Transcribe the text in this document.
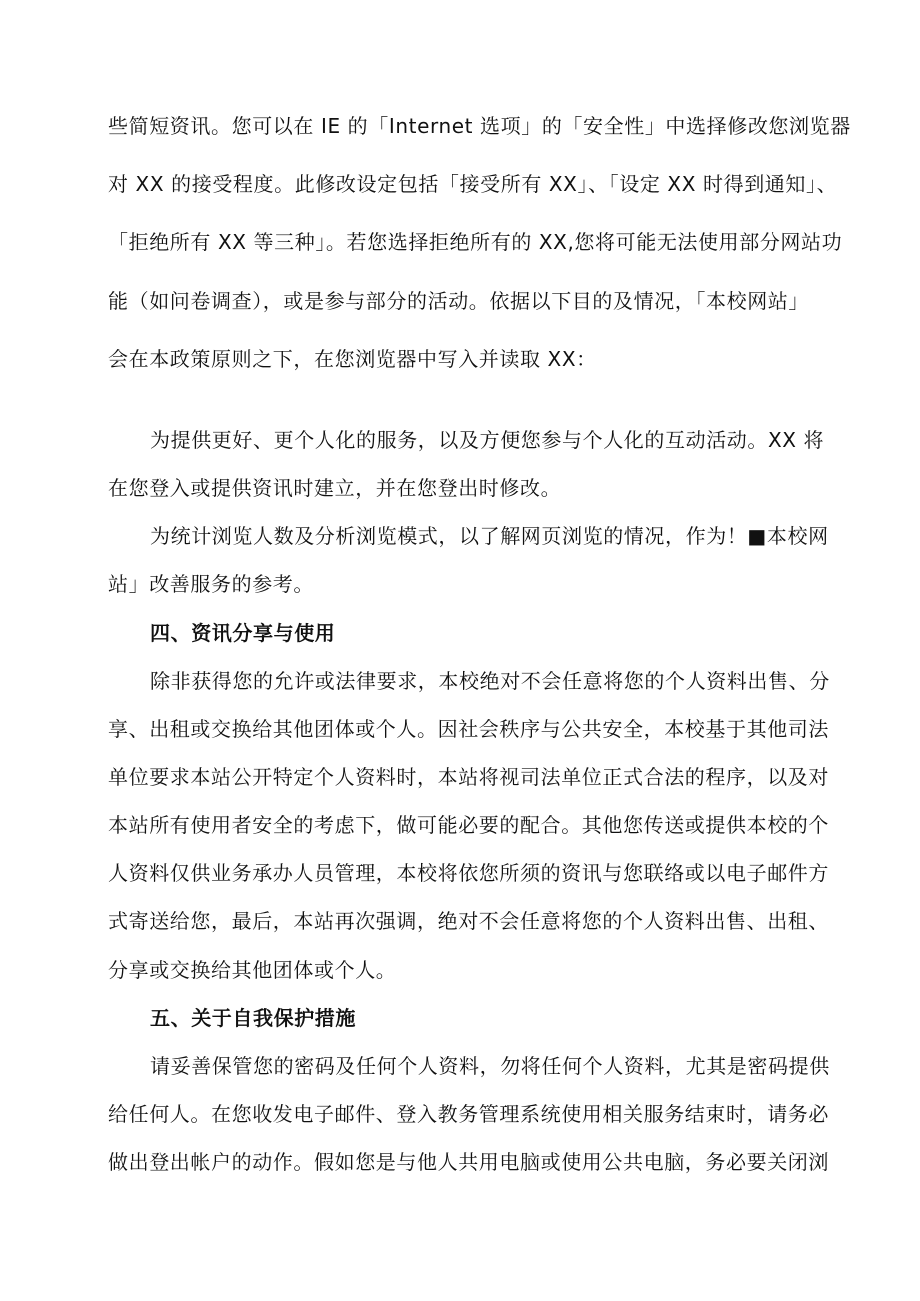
些简短资讯。您可以在 IE 的「Internet 选项」的「安全性」中选择修改您浏览器
对 XX 的接受程度。此修改设定包括「接受所有 XX」、「设定 XX 时得到通知」、
「拒绝所有 XX 等三种」。若您选择拒绝所有的 XX,您将可能无法使用部分网站功
能（如问卷调查），或是参与部分的活动。依据以下目的及情况，「本校网站」
会在本政策原则之下，在您浏览器中写入并读取 XX：
为提供更好、更个人化的服务，以及方便您参与个人化的互动活动。XX 将
在您登入或提供资讯时建立，并在您登出时修改。
为统计浏览人数及分析浏览模式，以了解网页浏览的情况，作为！■本校网
站」改善服务的参考。
四、资讯分享与使用
除非获得您的允许或法律要求，本校绝对不会任意将您的个人资料出售、分
享、出租或交换给其他团体或个人。因社会秩序与公共安全，本校基于其他司法
单位要求本站公开特定个人资料时，本站将视司法单位正式合法的程序，以及对
本站所有使用者安全的考虑下，做可能必要的配合。其他您传送或提供本校的个
人资料仅供业务承办人员管理，本校将依您所须的资讯与您联络或以电子邮件方
式寄送给您，最后，本站再次强调，绝对不会任意将您的个人资料出售、出租、
分享或交换给其他团体或个人。
五、关于自我保护措施
请妥善保管您的密码及任何个人资料，勿将任何个人资料，尤其是密码提供
给任何人。在您收发电子邮件、登入教务管理系统使用相关服务结束时，请务必
做出登出帐户的动作。假如您是与他人共用电脑或使用公共电脑，务必要关闭浏
